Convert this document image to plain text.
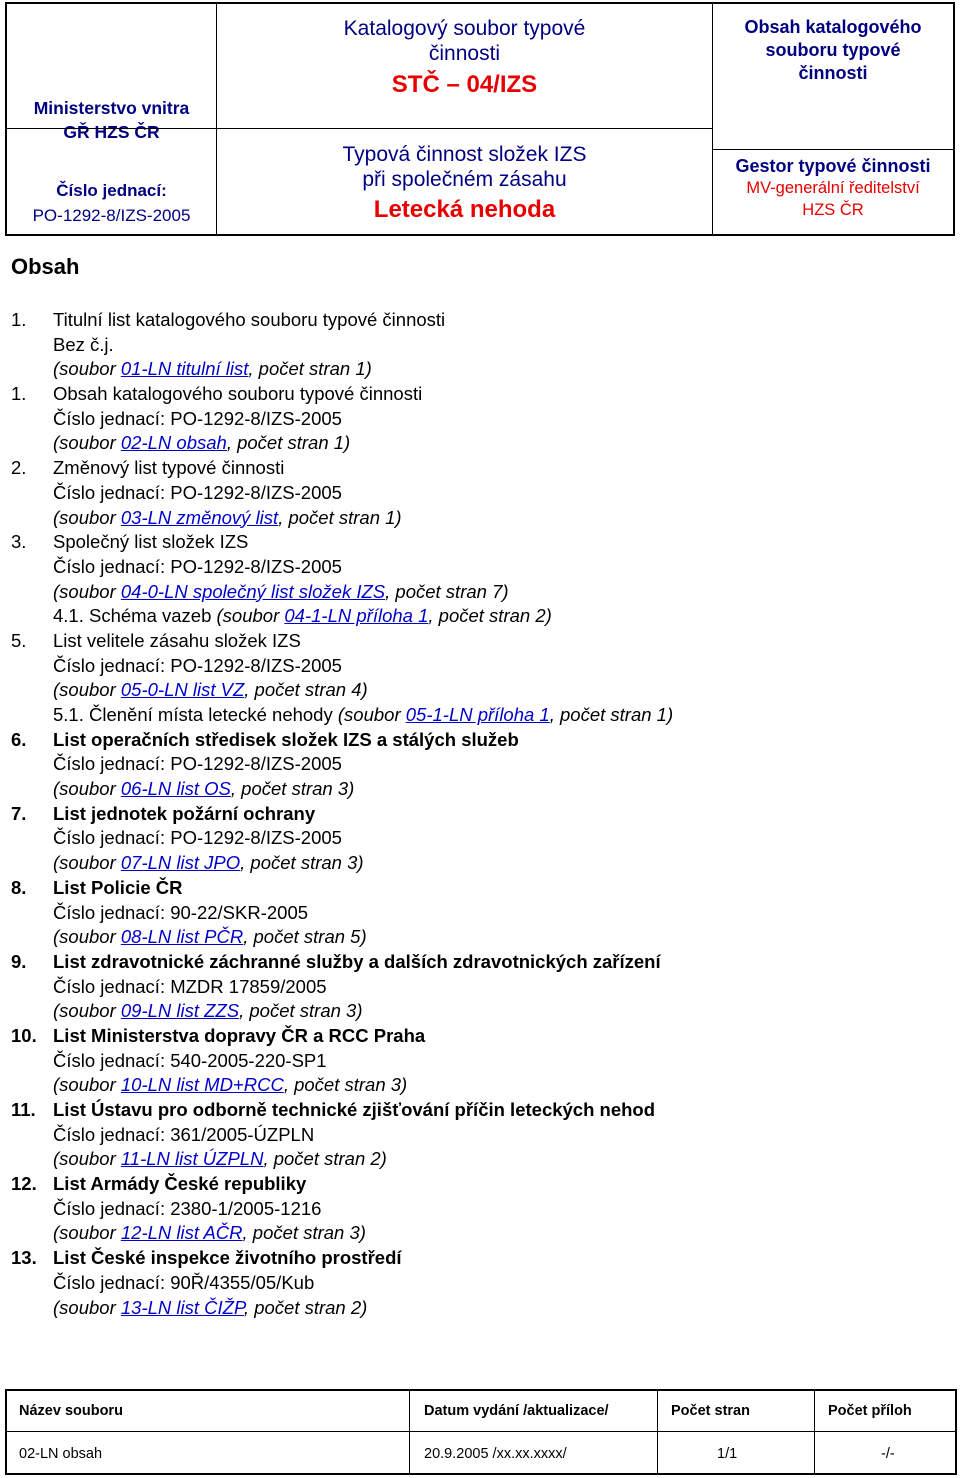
Ministerstvo vnitra
GŘ HZS ČR
Číslo jednací:
PO-1292-8/IZS-2005
Katalogový soubor typové
činnosti
STČ – 04/IZS
Typová činnost složek IZS
při společném zásahu
Letecká nehoda
Obsah katalogového
souboru typové
činnosti
Gestor typové činnosti
MV-generální ředitelství
HZS ČR
Obsah
1. Titulní list katalogového souboru typové činnosti
Bez č.j.
(soubor 01-LN titulní list, počet stran 1)
1. Obsah katalogového souboru typové činnosti
Číslo jednací: PO-1292-8/IZS-2005
(soubor 02-LN obsah, počet stran 1)
2. Změnový list typové činnosti
Číslo jednací: PO-1292-8/IZS-2005
(soubor 03-LN změnový list, počet stran 1)
3. Společný list složek IZS
Číslo jednací: PO-1292-8/IZS-2005
(soubor 04-0-LN společný list složek IZS, počet stran 7)
4.1. Schéma vazeb (soubor 04-1-LN příloha 1, počet stran 2)
5. List velitele zásahu složek IZS
Číslo jednací: PO-1292-8/IZS-2005
(soubor 05-0-LN list VZ, počet stran 4)
5.1. Členění místa letecké nehody (soubor 05-1-LN příloha 1, počet stran 1)
6. List operačních středisek složek IZS a stálých služeb
Číslo jednací: PO-1292-8/IZS-2005
(soubor 06-LN list OS, počet stran 3)
7. List jednotek požární ochrany
Číslo jednací: PO-1292-8/IZS-2005
(soubor 07-LN list JPO, počet stran 3)
8. List Policie ČR
Číslo jednací: 90-22/SKR-2005
(soubor 08-LN list PČR, počet stran 5)
9. List zdravotnické záchranné služby a dalších zdravotnických zařízení
Číslo jednací: MZDR 17859/2005
(soubor 09-LN list ZZS, počet stran 3)
10. List Ministerstva dopravy ČR a RCC Praha
Číslo jednací: 540-2005-220-SP1
(soubor 10-LN list MD+RCC, počet stran 3)
11. List Ústavu pro odborně technické zjišťování příčin leteckých nehod
Číslo jednací: 361/2005-ÚZPLN
(soubor 11-LN list ÚZPLN, počet stran 2)
12. List Armády České republiky
Číslo jednací: 2380-1/2005-1216
(soubor 12-LN list AČR, počet stran 3)
13. List České inspekce životního prostředí
Číslo jednací: 90Ř/4355/05/Kub
(soubor 13-LN list ČIŽP, počet stran 2)
Název souboru	Datum vydání /aktualizace/	Počet stran	Počet příloh
02-LN obsah	20.9.2005 /xx.xx.xxxx/	1/1	-/-
